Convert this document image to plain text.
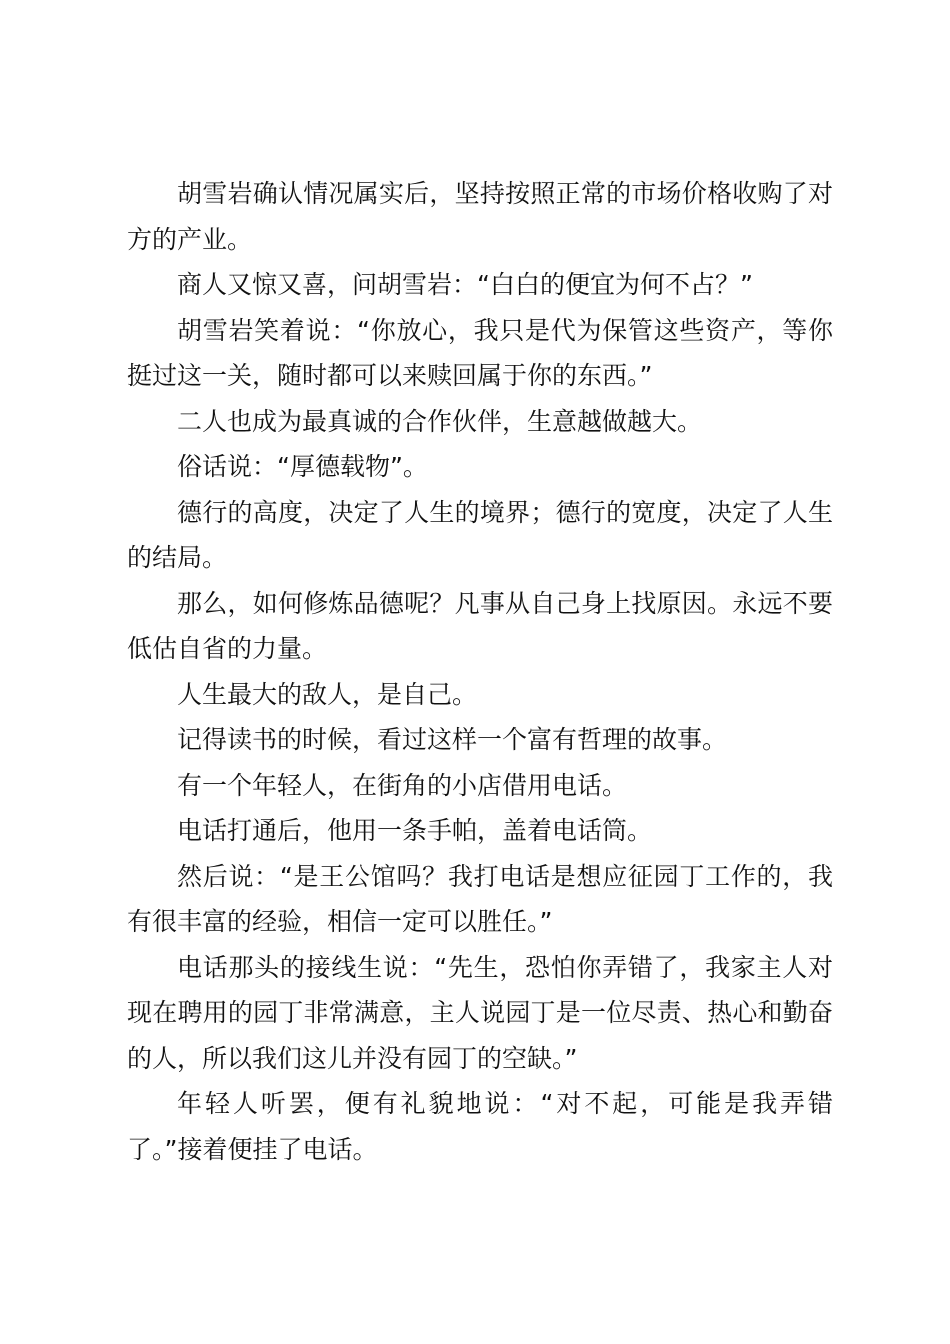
胡雪岩确认情况属实后，坚持按照正常的市场价格收购了对方的产业。

商人又惊又喜，问胡雪岩：“白白的便宜为何不占？”

胡雪岩笑着说：“你放心，我只是代为保管这些资产，等你挺过这一关，随时都可以来赎回属于你的东西。”

二人也成为最真诚的合作伙伴，生意越做越大。

俗话说：“厚德载物”。

德行的高度，决定了人生的境界；德行的宽度，决定了人生的结局。

那么，如何修炼品德呢？凡事从自己身上找原因。永远不要低估自省的力量。

人生最大的敌人，是自己。

记得读书的时候，看过这样一个富有哲理的故事。

有一个年轻人，在街角的小店借用电话。

电话打通后，他用一条手帕，盖着电话筒。

然后说：“是王公馆吗？我打电话是想应征园丁工作的，我有很丰富的经验，相信一定可以胜任。”

电话那头的接线生说：“先生，恐怕你弄错了，我家主人对现在聘用的园丁非常满意，主人说园丁是一位尽责、热心和勤奋的人，所以我们这儿并没有园丁的空缺。”

年轻人听罢，便有礼貌地说：“对不起，可能是我弄错了。”接着便挂了电话。
